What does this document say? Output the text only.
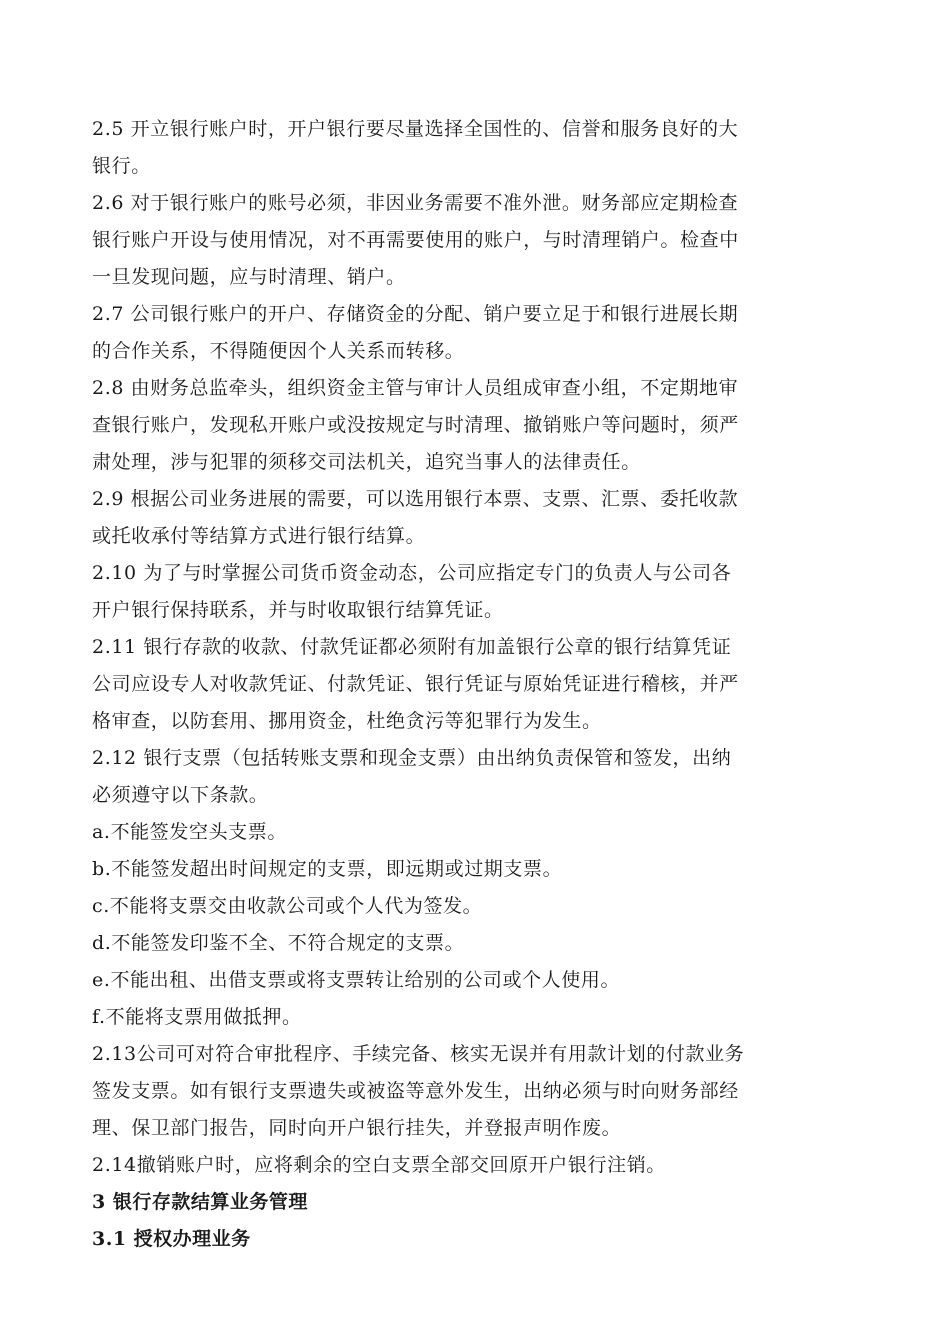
2.5 开立银行账户时，开户银行要尽量选择全国性的、信誉和服务良好的大
银行。
2.6 对于银行账户的账号必须，非因业务需要不准外泄。财务部应定期检查
银行账户开设与使用情况，对不再需要使用的账户，与时清理销户。检查中
一旦发现问题，应与时清理、销户。
2.7 公司银行账户的开户、存储资金的分配、销户要立足于和银行进展长期
的合作关系，不得随便因个人关系而转移。
2.8 由财务总监牵头，组织资金主管与审计人员组成审查小组，不定期地审
查银行账户，发现私开账户或没按规定与时清理、撤销账户等问题时，须严
肃处理，涉与犯罪的须移交司法机关，追究当事人的法律责任。
2.9 根据公司业务进展的需要，可以选用银行本票、支票、汇票、委托收款
或托收承付等结算方式进行银行结算。
2.10 为了与时掌握公司货币资金动态，公司应指定专门的负责人与公司各
开户银行保持联系，并与时收取银行结算凭证。
2.11 银行存款的收款、付款凭证都必须附有加盖银行公章的银行结算凭证
公司应设专人对收款凭证、付款凭证、银行凭证与原始凭证进行稽核，并严
格审查，以防套用、挪用资金，杜绝贪污等犯罪行为发生。
2.12 银行支票（包括转账支票和现金支票）由出纳负责保管和签发，出纳
必须遵守以下条款。
a.不能签发空头支票。
b.不能签发超出时间规定的支票，即远期或过期支票。
c.不能将支票交由收款公司或个人代为签发。
d.不能签发印鉴不全、不符合规定的支票。
e.不能出租、出借支票或将支票转让给别的公司或个人使用。
f.不能将支票用做抵押。
2.13公司可对符合审批程序、手续完备、核实无误并有用款计划的付款业务
签发支票。如有银行支票遗失或被盗等意外发生，出纳必须与时向财务部经
理、保卫部门报告，同时向开户银行挂失，并登报声明作废。
2.14撤销账户时，应将剩余的空白支票全部交回原开户银行注销。
3 银行存款结算业务管理
3.1 授权办理业务
